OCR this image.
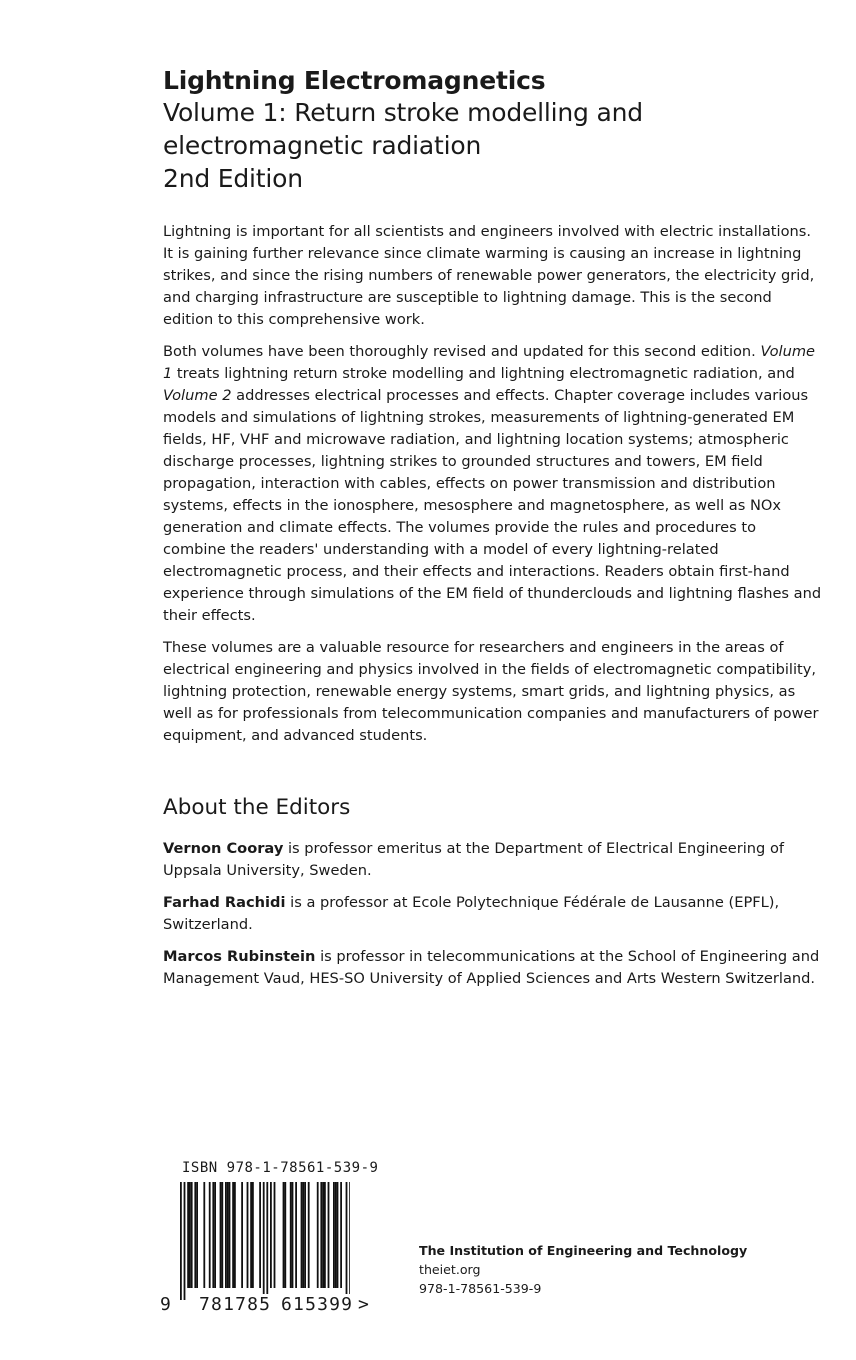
Lightning Electromagnetics
Volume 1: Return stroke modelling and
electromagnetic radiation
2nd Edition

Lightning is important for all scientists and engineers involved with electric installations. It is gaining further relevance since climate warming is causing an increase in lightning strikes, and since the rising numbers of renewable power generators, the electricity grid, and charging infrastructure are susceptible to lightning damage. This is the second edition to this comprehensive work.

Both volumes have been thoroughly revised and updated for this second edition. Volume 1 treats lightning return stroke modelling and lightning electromagnetic radiation, and Volume 2 addresses electrical processes and effects. Chapter coverage includes various models and simulations of lightning strokes, measurements of lightning-generated EM fields, HF, VHF and microwave radiation, and lightning location systems; atmospheric discharge processes, lightning strikes to grounded structures and towers, EM field propagation, interaction with cables, effects on power transmission and distribution systems, effects in the ionosphere, mesosphere and magnetosphere, as well as NOx generation and climate effects. The volumes provide the rules and procedures to combine the readers' understanding with a model of every lightning-related electromagnetic process, and their effects and interactions. Readers obtain first-hand experience through simulations of the EM field of thunderclouds and lightning flashes and their effects.

These volumes are a valuable resource for researchers and engineers in the areas of electrical engineering and physics involved in the fields of electromagnetic compatibility, lightning protection, renewable energy systems, smart grids, and lightning physics, as well as for professionals from telecommunication companies and manufacturers of power equipment, and advanced students.

About the Editors

Vernon Cooray is professor emeritus at the Department of Electrical Engineering of Uppsala University, Sweden.

Farhad Rachidi is a professor at Ecole Polytechnique Fédérale de Lausanne (EPFL), Switzerland.

Marcos Rubinstein is professor in telecommunications at the School of Engineering and Management Vaud, HES-SO University of Applied Sciences and Arts Western Switzerland.

ISBN 978-1-78561-539-9
9 781785 615399 >
The Institution of Engineering and Technology
theiet.org
978-1-78561-539-9
